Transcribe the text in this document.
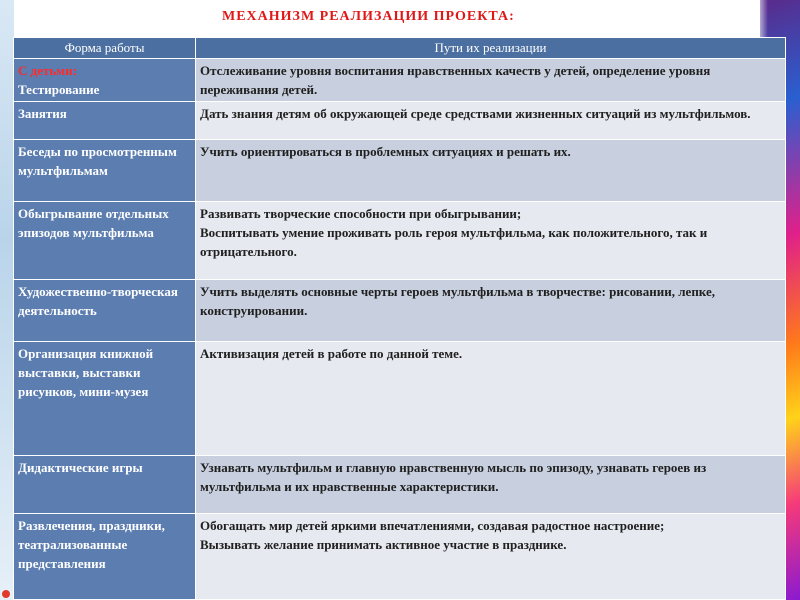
МЕХАНИЗМ РЕАЛИЗАЦИИ ПРОЕКТА:
Форма работы	Пути их реализации
С детьми:
Тестирование	Отслеживание уровня воспитания нравственных качеств у детей, определение уровня переживания детей.
Занятия	Дать знания детям об окружающей среде средствами жизненных ситуаций из мультфильмов.
Беседы по просмотренным мультфильмам	Учить ориентироваться в проблемных ситуациях и решать их.
Обыгрывание отдельных эпизодов мультфильма	Развивать творческие способности при обыгрывании;
Воспитывать умение проживать роль героя мультфильма, как положительного, так и отрицательного.
Художественно-творческая деятельность	Учить выделять основные черты героев мультфильма в творчестве: рисовании, лепке, конструировании.
Организация книжной выставки, выставки рисунков, мини-музея	Активизация детей в работе по данной теме.
Дидактические игры	Узнавать мультфильм и главную нравственную мысль по эпизоду, узнавать героев из мультфильма и их нравственные характеристики.
Развлечения, праздники, театрализованные представления	Обогащать мир детей яркими впечатлениями, создавая радостное настроение;
Вызывать желание принимать активное участие в празднике.
